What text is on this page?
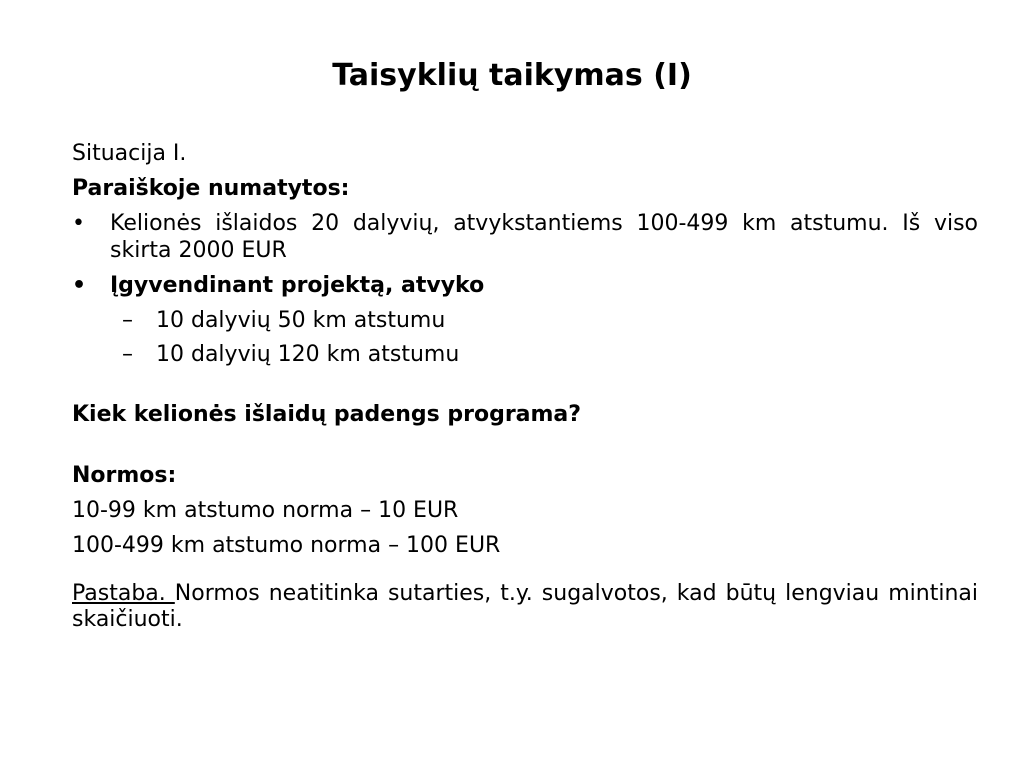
Taisyklių taikymas (I)

Situacija I.

Paraiškoje numatytos:

• Kelionės išlaidos 20 dalyvių, atvykstantiems 100-499 km atstumu. Iš viso skirta 2000 EUR
• Įgyvendinant projektą, atvyko
– 10 dalyvių 50 km atstumu
– 10 dalyvių 120 km atstumu

Kiek kelionės išlaidų padengs programa?

Normos:

10-99 km atstumo norma – 10 EUR

100-499 km atstumo norma – 100 EUR

Pastaba. Normos neatitinka sutarties, t.y. sugalvotos, kad būtų lengviau mintinai skaičiuoti.
